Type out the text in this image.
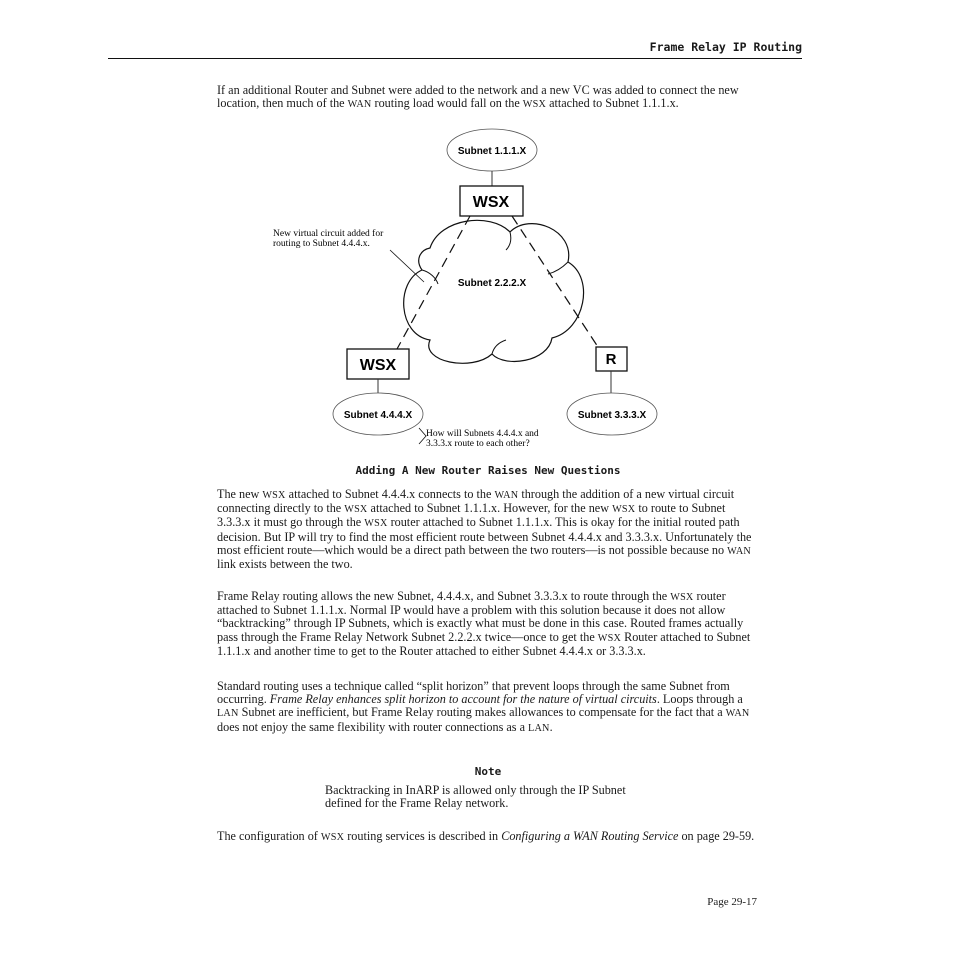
Frame Relay IP Routing

If an additional Router and Subnet were added to the network and a new VC was added to connect the new location, then much of the WAN routing load would fall on the WSX attached to Subnet 1.1.1.x.

Subnet 1.1.1.X
Subnet 2.2.2.X
WSX
WSX	R
Subnet 4.4.4.X	Subnet 3.3.3.X
New virtual circuit added for
routing to Subnet 4.4.4.x.
How will Subnets 4.4.4.x and
3.3.3.x route to each other?
Adding A New Router Raises New Questions

The new WSX attached to Subnet 4.4.4.x connects to the WAN through the addition of a new virtual circuit connecting directly to the WSX attached to Subnet 1.1.1.x. However, for the new WSX to route to Subnet 3.3.3.x it must go through the WSX router attached to Subnet 1.1.1.x. This is okay for the initial routed path decision. But IP will try to find the most efficient route between Subnet 4.4.4.x and 3.3.3.x. Unfortunately the most efficient route—which would be a direct path between the two routers—is not possible because no WAN link exists between the two.

Frame Relay routing allows the new Subnet, 4.4.4.x, and Subnet 3.3.3.x to route through the WSX router attached to Subnet 1.1.1.x. Normal IP would have a problem with this solution because it does not allow “backtracking” through IP Subnets, which is exactly what must be done in this case. Routed frames actually pass through the Frame Relay Network Subnet 2.2.2.x twice—once to get the WSX Router attached to Subnet 1.1.1.x and another time to get to the Router attached to either Subnet 4.4.4.x or 3.3.3.x.

Standard routing uses a technique called “split horizon” that prevent loops through the same Subnet from occurring. Frame Relay enhances split horizon to account for the nature of virtual circuits. Loops through a LAN Subnet are inefficient, but Frame Relay routing makes allowances to compensate for the fact that a WAN does not enjoy the same flexibility with router connections as a LAN.

Note

Backtracking in InARP is allowed only through the IP Subnet defined for the Frame Relay network.

The configuration of WSX routing services is described in Configuring a WAN Routing Service on page 29-59.

Page 29-17
